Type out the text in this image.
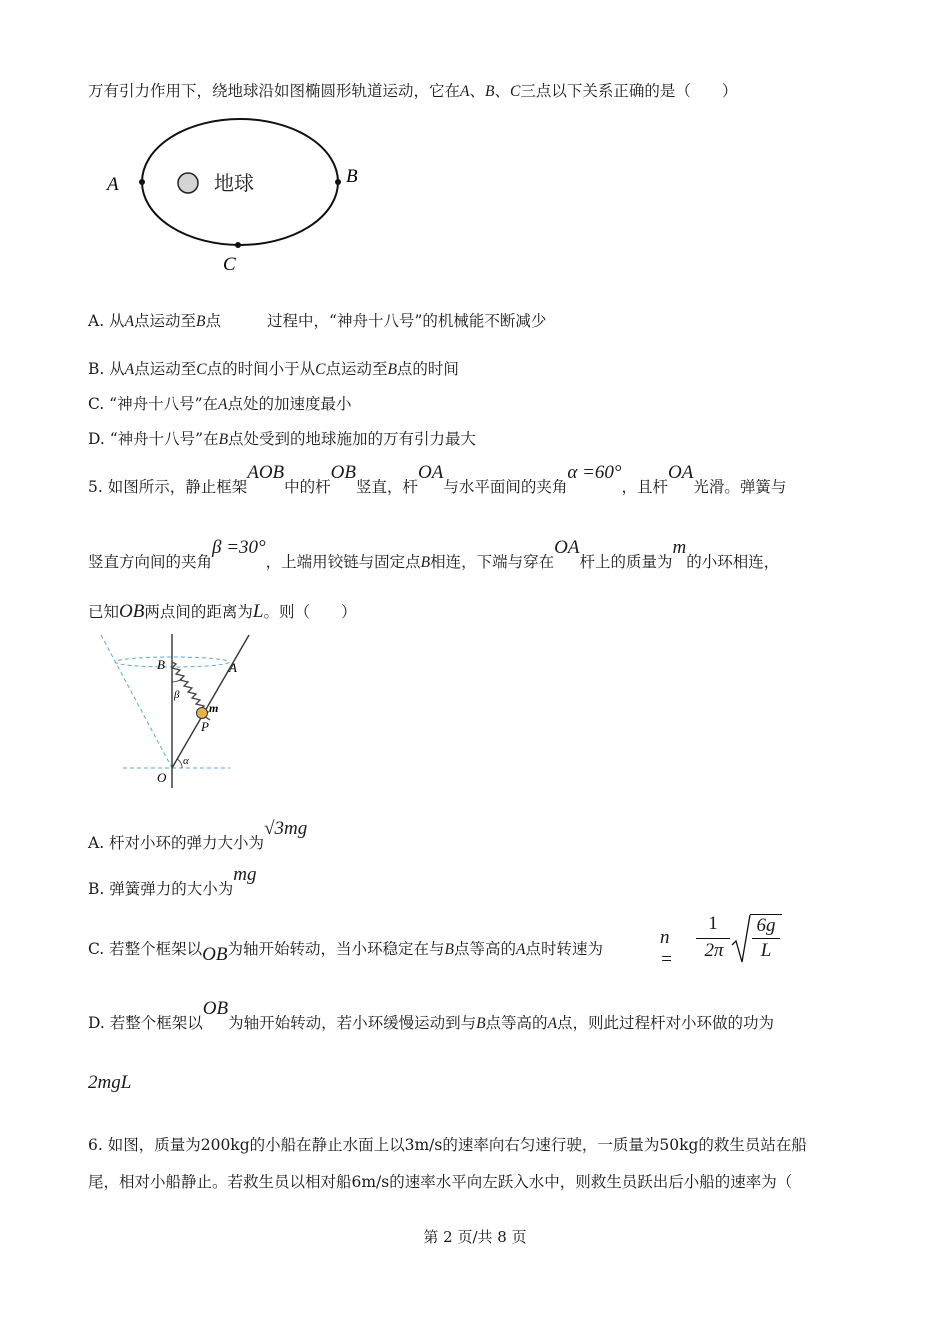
万有引力作用下，绕地球沿如图椭圆形轨道运动，它在A、B、C三点以下关系正确的是（　　）
地球
A	B
C
A. 从A点运动至B点	过程中，“神舟十八号”的机械能不断减少
B. 从A点运动至C点的时间小于从C点运动至B点的时间
C. “神舟十八号”在A点处的加速度最小
D. “神舟十八号”在B点处受到的地球施加的万有引力最大
5. 如图所示，静止框架AOB中的杆OB竖直，杆OA与水平面间的夹角α =60°，且杆OA光滑。弹簧与
竖直方向间的夹角β =30°，上端用铰链与固定点B相连，下端与穿在OA杆上的质量为m的小环相连，
已知OB两点间的距离为L。则（　　）
B	A
β
m
P
O
α
A. 杆对小环的弹力大小为√3mg
B. 弹簧弹力的大小为mg
C. 若整个框架以OB为轴开始转动，当小环稳定在与B点等高的A点时转速为
n =
1
2π
6g
L
D. 若整个框架以OB为轴开始转动，若小环缓慢运动到与B点等高的A点，则此过程杆对小环做的功为
2mgL
6. 如图，质量为200kg的小船在静止水面上以3m/s的速率向右匀速行驶，一质量为50kg的救生员站在船
尾，相对小船静止。若救生员以相对船6m/s的速率水平向左跃入水中，则救生员跃出后小船的速率为（
第 2 页/共 8 页
